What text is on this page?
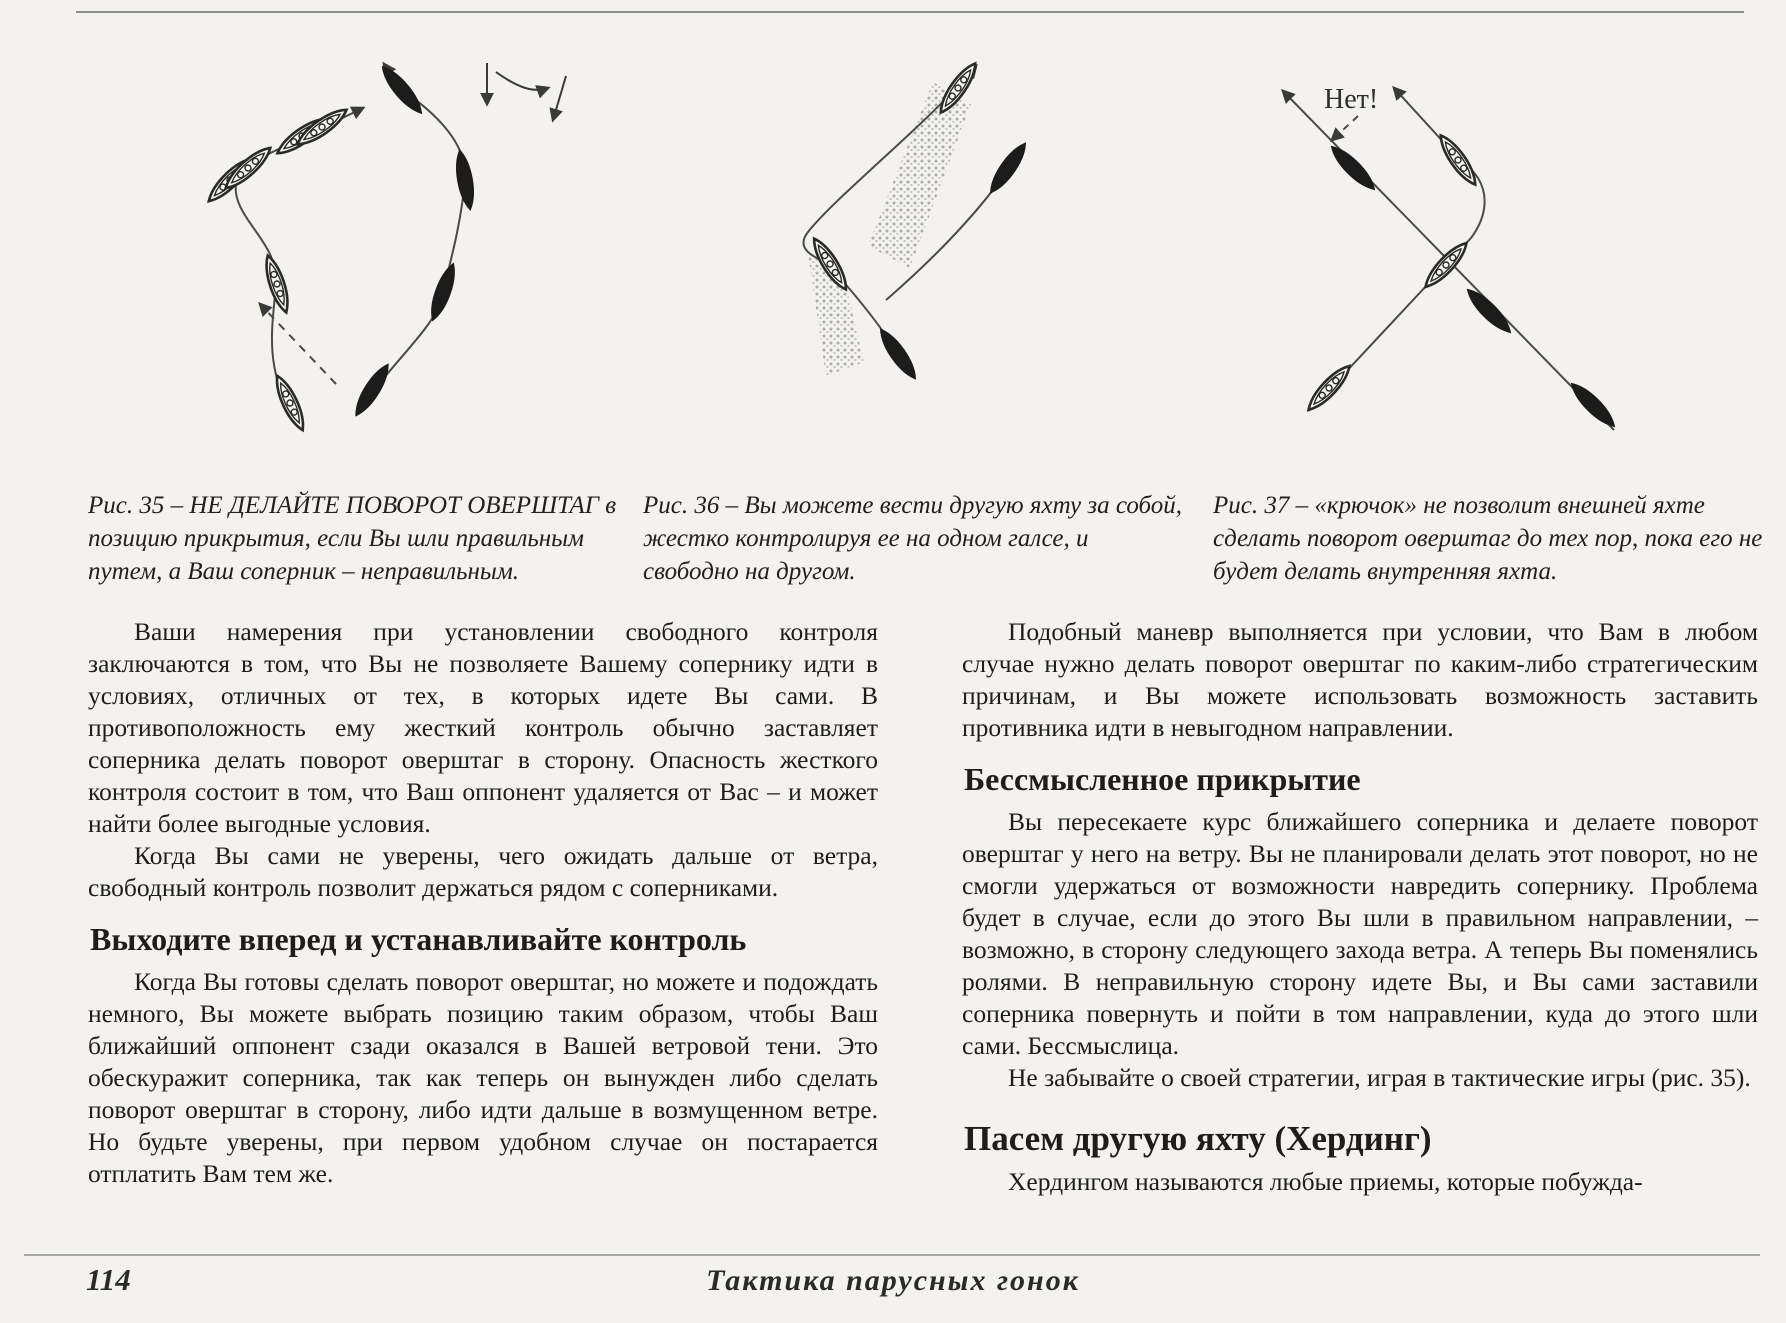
Нет!

Рис. 35 – НЕ ДЕЛАЙТЕ ПОВОРОТ ОВЕРШТАГ в позицию прикрытия, если Вы шли правильным путем, а Ваш соперник – неправильным.

Рис. 36 – Вы можете вести другую яхту за собой, жестко контролируя ее на одном галсе, и свободно на другом.

Рис. 37 – «крючок» не позволит внешней яхте сделать поворот оверштаг до тех пор, пока его не будет делать внутренняя яхта.

Ваши намерения при установлении свободного контроля заключаются в том, что Вы не позволяете Вашему сопернику идти в условиях, отличных от тех, в которых идете Вы сами. В противоположность ему жесткий контроль обычно заставляет соперника делать поворот оверштаг в сторону. Опасность жесткого контроля состоит в том, что Ваш оппонент удаляется от Вас – и может найти более выгодные условия.

Когда Вы сами не уверены, чего ожидать дальше от ветра, свободный контроль позволит держаться рядом с соперниками.

Выходите вперед и устанавливайте контроль

Когда Вы готовы сделать поворот оверштаг, но можете и подождать немного, Вы можете выбрать позицию таким образом, чтобы Ваш ближайший оппонент сзади оказался в Вашей ветровой тени. Это обескуражит соперника, так как теперь он вынужден либо сделать поворот оверштаг в сторону, либо идти дальше в возмущенном ветре. Но будьте уверены, при первом удобном случае он постарается отплатить Вам тем же.

Подобный маневр выполняется при условии, что Вам в любом случае нужно делать поворот оверштаг по каким-либо стратегическим причинам, и Вы можете использовать возможность заставить противника идти в невыгодном направлении.

Бессмысленное прикрытие

Вы пересекаете курс ближайшего соперника и делаете поворот оверштаг у него на ветру. Вы не планировали делать этот поворот, но не смогли удержаться от возможности навредить сопернику. Проблема будет в случае, если до этого Вы шли в правильном направлении, – возможно, в сторону следующего захода ветра. А теперь Вы поменялись ролями. В неправильную сторону идете Вы, и Вы сами заставили соперника повернуть и пойти в том направлении, куда до этого шли сами. Бессмыслица.

Не забывайте о своей стратегии, играя в тактические игры (рис. 35).

Пасем другую яхту (Хердинг)

Хердингом называются любые приемы, которые побужда-

114	Тактика парусных гонок
